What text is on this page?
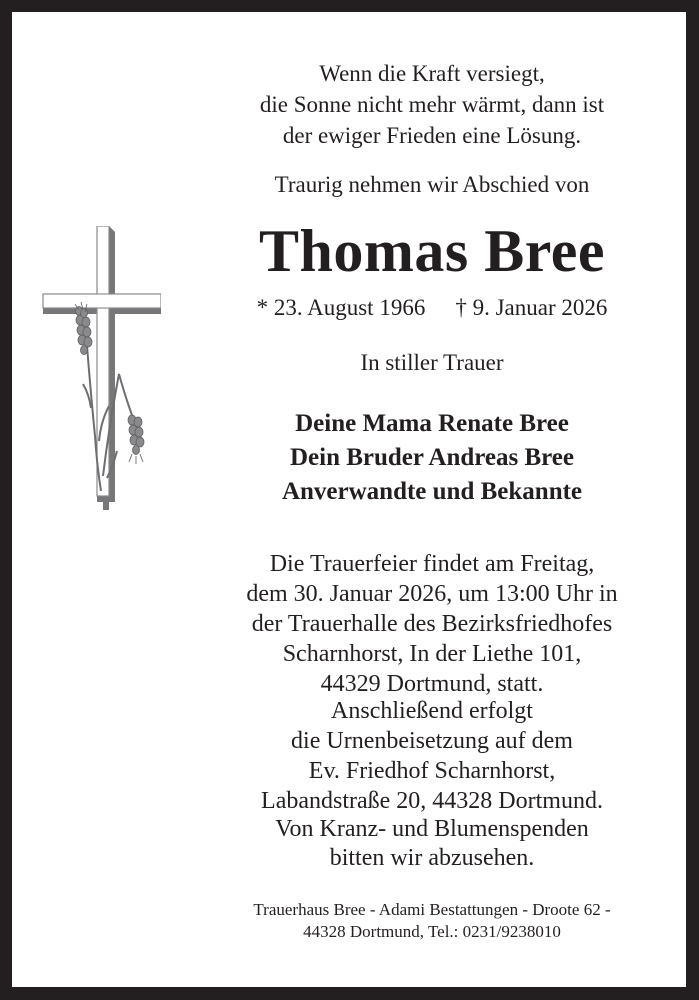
Wenn die Kraft versiegt,
die Sonne nicht mehr wärmt, dann ist
der ewiger Frieden eine Lösung.
Traurig nehmen wir Abschied von
Thomas Bree
* 23. August 1966 † 9. Januar 2026
In stiller Trauer
Deine Mama Renate Bree
Dein Bruder Andreas Bree
Anverwandte und Bekannte
Die Trauerfeier findet am Freitag,
dem 30. Januar 2026, um 13:00 Uhr in
der Trauerhalle des Bezirksfriedhofes
Scharnhorst, In der Liethe 101,
44329 Dortmund, statt.
Anschließend erfolgt
die Urnenbeisetzung auf dem
Ev. Friedhof Scharnhorst,
Labandstraße 20, 44328 Dortmund.
Von Kranz- und Blumenspenden
bitten wir abzusehen.
Trauerhaus Bree - Adami Bestattungen - Droote 62 -
44328 Dortmund, Tel.: 0231/9238010
